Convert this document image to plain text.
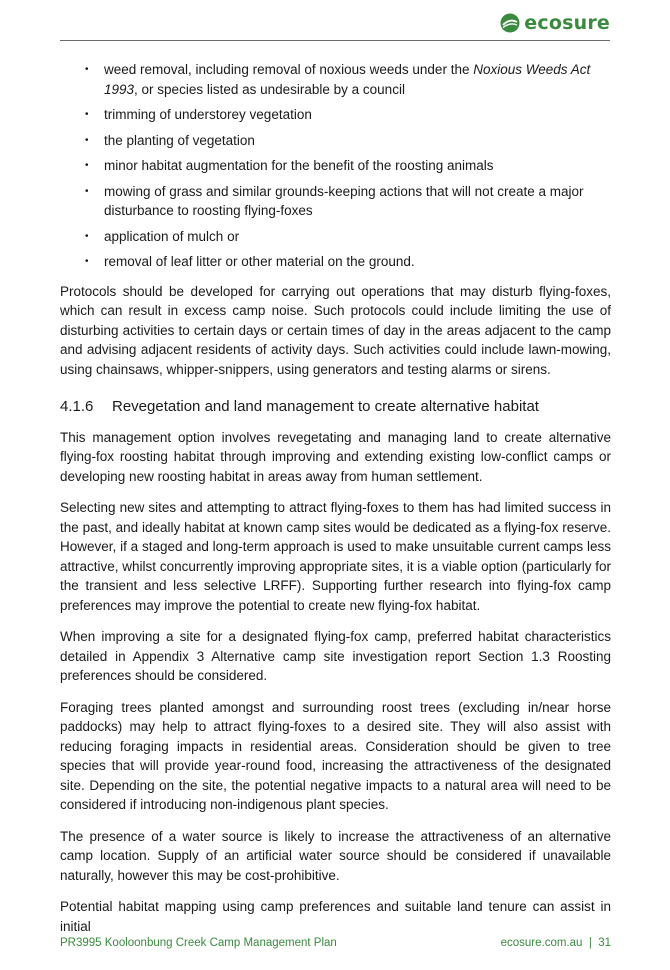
ecosure
• weed removal, including removal of noxious weeds under the Noxious Weeds Act 1993, or species listed as undesirable by a council
• trimming of understorey vegetation
• the planting of vegetation
• minor habitat augmentation for the benefit of the roosting animals
• mowing of grass and similar grounds-keeping actions that will not create a major disturbance to roosting flying-foxes
• application of mulch or
• removal of leaf litter or other material on the ground.

Protocols should be developed for carrying out operations that may disturb flying-foxes, which can result in excess camp noise. Such protocols could include limiting the use of disturbing activities to certain days or certain times of day in the areas adjacent to the camp and advising adjacent residents of activity days. Such activities could include lawn-mowing, using chainsaws, whipper-snippers, using generators and testing alarms or sirens.

4.1.6 Revegetation and land management to create alternative habitat

This management option involves revegetating and managing land to create alternative flying-fox roosting habitat through improving and extending existing low-conflict camps or developing new roosting habitat in areas away from human settlement.

Selecting new sites and attempting to attract flying-foxes to them has had limited success in the past, and ideally habitat at known camp sites would be dedicated as a flying-fox reserve. However, if a staged and long-term approach is used to make unsuitable current camps less attractive, whilst concurrently improving appropriate sites, it is a viable option (particularly for the transient and less selective LRFF). Supporting further research into flying-fox camp preferences may improve the potential to create new flying-fox habitat.

When improving a site for a designated flying-fox camp, preferred habitat characteristics detailed in Appendix 3 Alternative camp site investigation report Section 1.3 Roosting preferences should be considered.

Foraging trees planted amongst and surrounding roost trees (excluding in/near horse paddocks) may help to attract flying-foxes to a desired site. They will also assist with reducing foraging impacts in residential areas. Consideration should be given to tree species that will provide year-round food, increasing the attractiveness of the designated site. Depending on the site, the potential negative impacts to a natural area will need to be considered if introducing non-indigenous plant species.

The presence of a water source is likely to increase the attractiveness of an alternative camp location. Supply of an artificial water source should be considered if unavailable naturally, however this may be cost-prohibitive.

Potential habitat mapping using camp preferences and suitable land tenure can assist in initial

PR3995 Kooloonbung Creek Camp Management Plan	ecosure.com.au | 31
